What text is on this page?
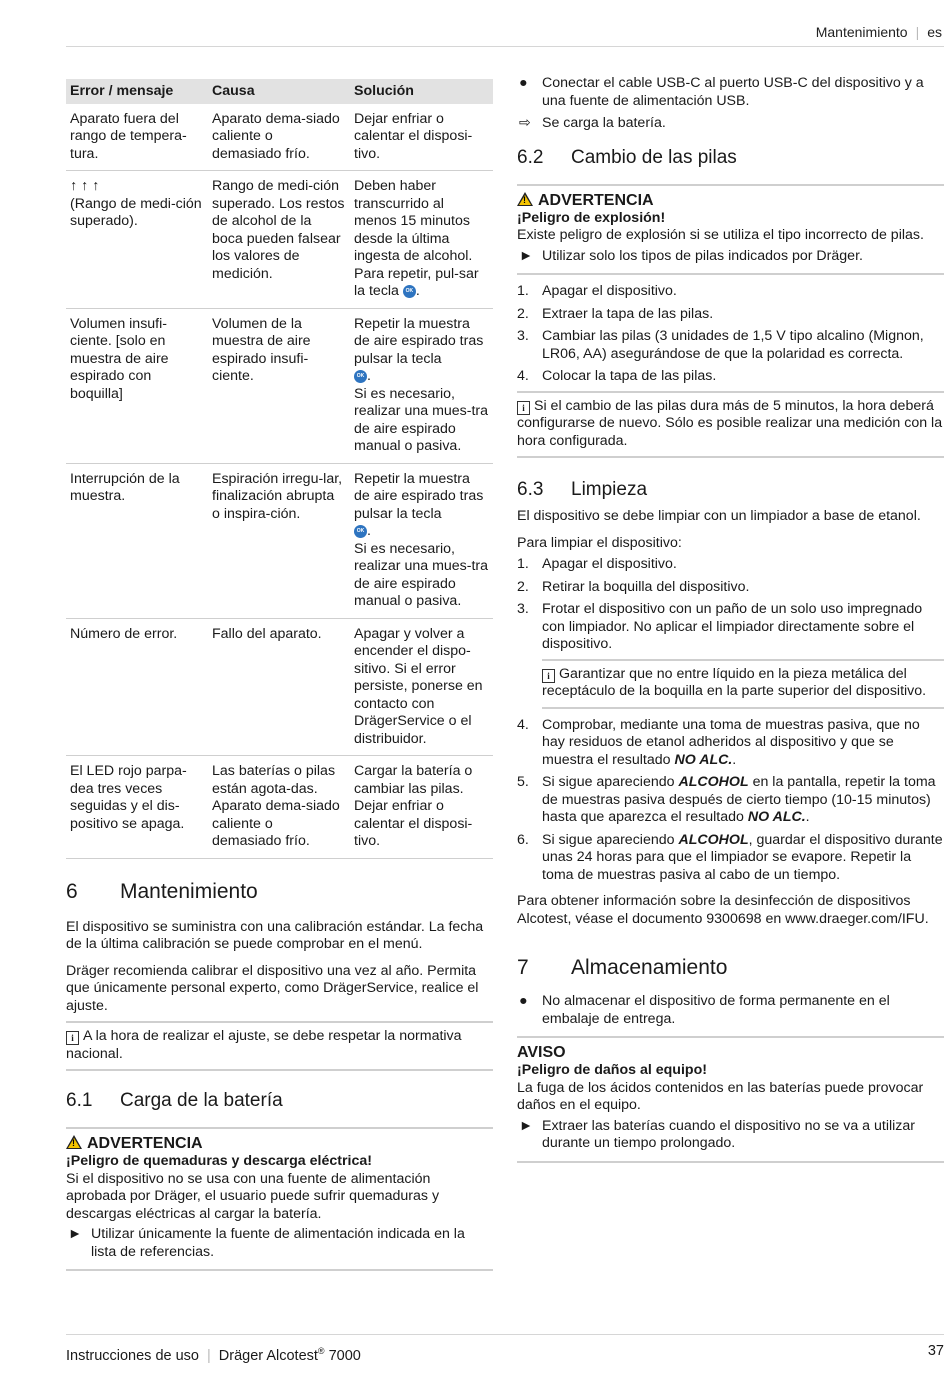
Mantenimiento | es
Error / mensaje	Causa	Solución
Aparato fuera del rango de tempera-tura.	Aparato dema-siado caliente o demasiado frío.	Dejar enfriar o calentar el disposi-tivo.
↑ ↑ ↑
(Rango de medi-ción superado).	Rango de medi-ción superado. Los restos de alcohol de la boca pueden falsear los valores de medición.	Deben haber transcurrido al menos 15 minutos desde la última ingesta de alcohol. Para repetir, pul-sar la tecla OK .
Volumen insufi-ciente. [solo en muestra de aire espirado con boquilla]	Volumen de la muestra de aire espirado insufi-ciente.	Repetir la muestra de aire espirado tras pulsar la tecla
OK .
Si es necesario, realizar una mues-tra de aire espirado manual o pasiva.
Interrupción de la muestra.	Espiración irregu-lar, finalización abrupta o inspira-ción.	Repetir la muestra de aire espirado tras pulsar la tecla
OK .
Si es necesario, realizar una mues-tra de aire espirado manual o pasiva.
Número de error.	Fallo del aparato.	Apagar y volver a encender el dispo-sitivo. Si el error persiste, ponerse en contacto con DrägerService o el distribuidor.
El LED rojo parpa-dea tres veces seguidas y el dis-positivo se apaga.	Las baterías o pilas están agota-das. Aparato dema-siado caliente o demasiado frío.	Cargar la batería o cambiar las pilas. Dejar enfriar o calentar el disposi-tivo.
6 Mantenimiento

El dispositivo se suministra con una calibración estándar. La fecha de la última calibración se puede comprobar en el menú.

Dräger recomienda calibrar el dispositivo una vez al año. Permita que únicamente personal experto, como DrägerService, realice el ajuste.

i A la hora de realizar el ajuste, se debe respetar la normativa nacional.
6.1 Carga de la batería
! ADVERTENCIA

¡Peligro de quemaduras y descarga eléctrica!

Si el dispositivo no se usa con una fuente de alimentación aprobada por Dräger, el usuario puede sufrir quemaduras y descargas eléctricas al cargar la batería.

► Utilizar únicamente la fuente de alimentación indicada en la lista de referencias.
● Conectar el cable USB-C al puerto USB-C del dispositivo y a una fuente de alimentación USB.
⇨ Se carga la batería.
6.2 Cambio de las pilas
! ADVERTENCIA

¡Peligro de explosión!

Existe peligro de explosión si se utiliza el tipo incorrecto de pilas.

► Utilizar solo los tipos de pilas indicados por Dräger.
1. Apagar el dispositivo.
2. Extraer la tapa de las pilas.
3. Cambiar las pilas (3 unidades de 1,5 V tipo alcalino (Mignon, LR06, AA) asegurándose de que la polaridad es correcta.
4. Colocar la tapa de las pilas.
i Si el cambio de las pilas dura más de 5 minutos, la hora deberá configurarse de nuevo. Sólo es posible realizar una medición con la hora configurada.
6.3 Limpieza

El dispositivo se debe limpiar con un limpiador a base de etanol.

Para limpiar el dispositivo:

1. Apagar el dispositivo.
2. Retirar la boquilla del dispositivo.
3. Frotar el dispositivo con un paño de un solo uso impregnado con limpiador. No aplicar el limpiador directamente sobre el dispositivo.
i Garantizar que no entre líquido en la pieza metálica del receptáculo de la boquilla en la parte superior del dispositivo.
4. Comprobar, mediante una toma de muestras pasiva, que no hay residuos de etanol adheridos al dispositivo y que se muestra el resultado NO ALC..
5. Si sigue apareciendo ALCOHOL en la pantalla, repetir la toma de muestras pasiva después de cierto tiempo (10-15 minutos) hasta que aparezca el resultado NO ALC..
6. Si sigue apareciendo ALCOHOL, guardar el dispositivo durante unas 24 horas para que el limpiador se evapore. Repetir la toma de muestras pasiva al cabo de un tiempo.

Para obtener información sobre la desinfección de dispositivos Alcotest, véase el documento 9300698 en www.draeger.com/IFU.

7 Almacenamiento
● No almacenar el dispositivo de forma permanente en el embalaje de entrega.
AVISO

¡Peligro de daños al equipo!

La fuga de los ácidos contenidos en las baterías puede provocar daños en el equipo.

► Extraer las baterías cuando el dispositivo no se va a utilizar durante un tiempo prolongado.
Instrucciones de uso | Dräger Alcotest® 7000	37
